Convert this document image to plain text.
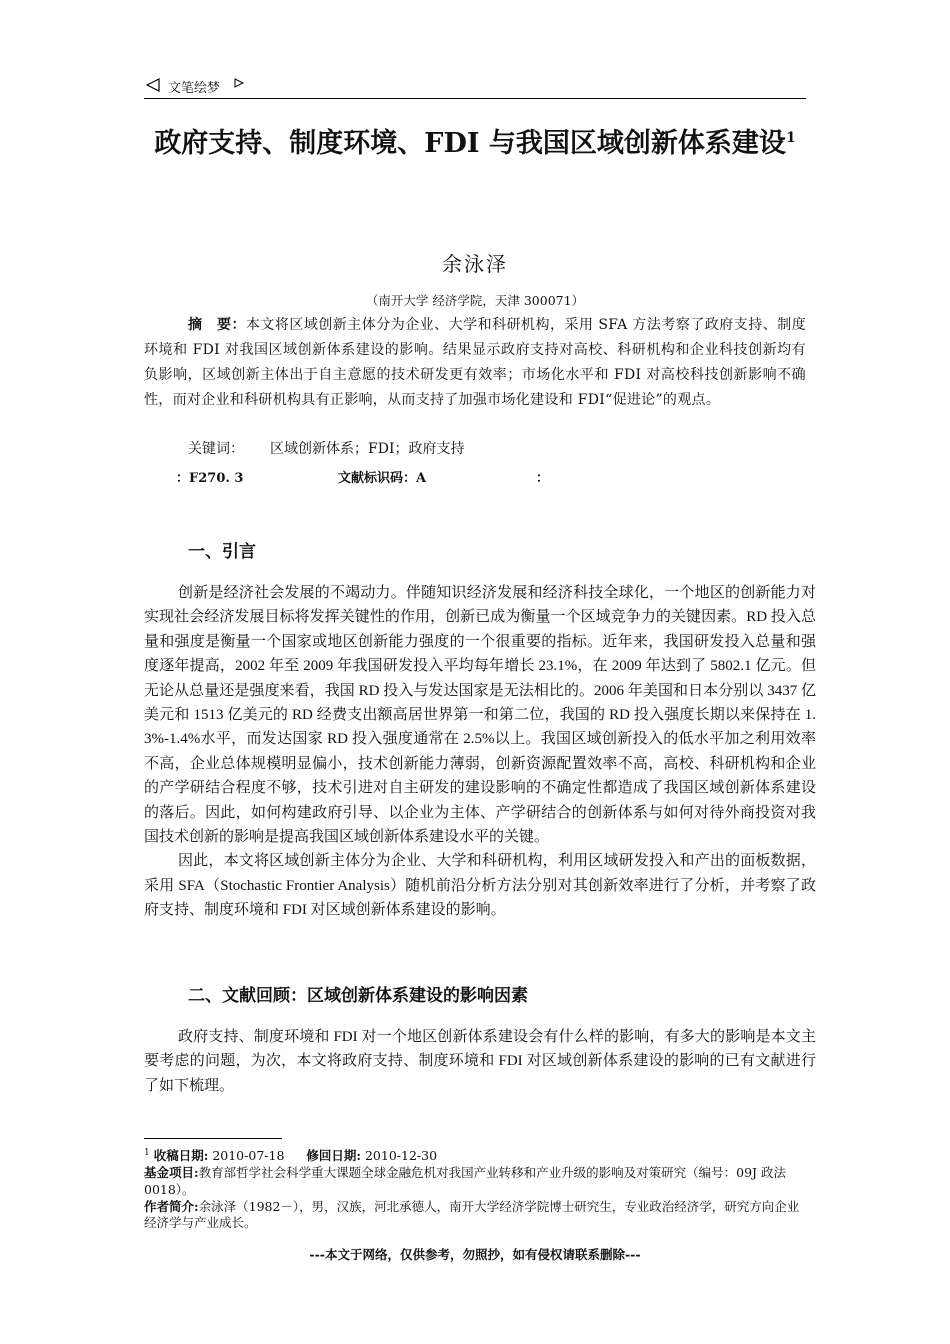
文笔绘梦
政府支持、制度环境、FDI 与我国区域创新体系建设$^1$
余泳泽
（南开大学 经济学院，天津 300071）
摘　要：本文将区域创新主体分为企业、大学和科研机构，采用 SFA 方法考察了政府支持、制度环境和 FDI 对我国区域创新体系建设的影响。结果显示政府支持对高校、科研机构和企业科技创新均有负影响，区域创新主体出于自主意愿的技术研发更有效率；市场化水平和 FDI 对高校科技创新影响不确性，而对企业和科研机构具有正影响，从而支持了加强市场化建设和 FDI“促进论”的观点。
关键词： 区域创新体系；FDI；政府支持
：F270. 3	文献标识码：A	：
一、引言

创新是经济社会发展的不竭动力。伴随知识经济发展和经济科技全球化，一个地区的创新能力对实现社会经济发展目标将发挥关键性的作用，创新已成为衡量一个区域竞争力的关键因素。RD 投入总量和强度是衡量一个国家或地区创新能力强度的一个很重要的指标。近年来，我国研发投入总量和强度逐年提高，2002 年至 2009 年我国研发投入平均每年增长 23.1%，在 2009 年达到了 5802.1 亿元。但无论从总量还是强度来看，我国 RD 投入与发达国家是无法相比的。2006 年美国和日本分别以 3437 亿美元和 1513 亿美元的 RD 经费支出额高居世界第一和第二位，我国的 RD 投入强度长期以来保持在 1. 3%-1.4%水平，而发达国家 RD 投入强度通常在 2.5%以上。我国区域创新投入的低水平加之利用效率不高，企业总体规模明显偏小，技术创新能力薄弱，创新资源配置效率不高，高校、科研机构和企业的产学研结合程度不够，技术引进对自主研发的建设影响的不确定性都造成了我国区域创新体系建设的落后。因此，如何构建政府引导、以企业为主体、产学研结合的创新体系与如何对待外商投资对我国技术创新的影响是提高我国区域创新体系建设水平的关键。

因此，本文将区域创新主体分为企业、大学和科研机构，利用区域研发投入和产出的面板数据，采用 SFA（Stochastic Frontier Analysis）随机前沿分析方法分别对其创新效率进行了分析，并考察了政府支持、制度环境和 FDI 对区域创新体系建设的影响。

二、文献回顾：区域创新体系建设的影响因素

政府支持、制度环境和 FDI 对一个地区创新体系建设会有什么样的影响，有多大的影响是本文主要考虑的问题，为次，本文将政府支持、制度环境和 FDI 对区域创新体系建设的影响的已有文献进行了如下梳理。

$^1$ 收稿日期: 2010-07-18 修回日期: 2010-12-30
基金项目:教育部哲学社会科学重大课题全球金融危机对我国产业转移和产业升级的影响及对策研究（编号：09J 政法 0018）。
作者简介:余泳泽（1982－），男，汉族，河北承德人，南开大学经济学院博士研究生，专业政治经济学，研究方向企业经济学与产业成长。
---本文于网络，仅供参考，勿照抄，如有侵权请联系删除---
